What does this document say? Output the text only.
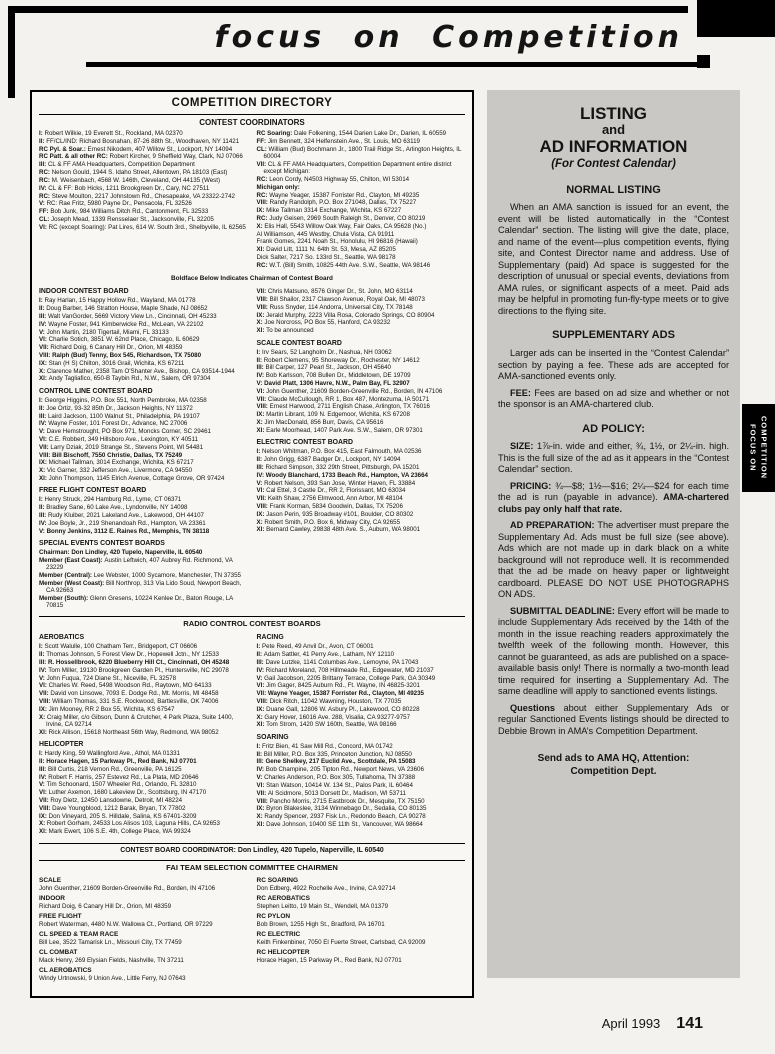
focus on Competition
COMPETITION DIRECTORY
CONTEST COORDINATORS
I: Robert Wilkie, 19 Everett St., Rockland, MA 02370
II: FF/CL/IND: Richard Bosnahan, 87-26 88th St., Woodhaven, NY 11421
RC Pyl. & Soar.: Ernest Nikodem, 407 Willow St., Lockport, NY 14094
RC Patt. & all other RC: Robert Kircher, 9 Sheffield Way, Clark, NJ 07066
III: CL & FF AMA Headquarters, Competition Department
RC: Nelson Gould, 1944 S. Idaho Street, Allentown, PA 18103 (East)
RC: M. Weisenbach, 4568 W. 146th, Cleveland, OH 44135 (West)
IV: CL & FF: Bob Hicks, 1211 Brookgreen Dr., Cary, NC 27511
RC: Steve Moulton, 2217 Johnstown Rd., Chesapeake, VA 23322-2742
V: RC: Rae Fritz, 5980 Payne Dr., Pensacola, FL 32526
FF: Bob Junk, 984 Williams Ditch Rd., Cantonment, FL 32533
CL: Joseph Mead, 1339 Rensselaer St., Jacksonville, FL 32205
VI: RC (except Soaring): Pat Lires, 614 W. South 3rd., Shelbyville, IL 62565
RC Soaring: Dale Folkening, 1544 Darien Lake Dr., Darien, IL 60559
FF: Jim Bennett, 324 Helfenstein Ave., St. Louis, MO 63119
CL: William (Bud) Bochmann Jr., 1800 Trail Ridge St., Arlington Heights, IL 60004
VII: CL & FF AMA Headquarters, Competition Department entire district except Michigan:
RC: Leon Cordy, N4503 Highway 55, Chilton, WI 53014
Michigan only:
RC: Wayne Yeager, 15387 Forrister Rd., Clayton, MI 49235
VIII: Randy Randolph, P.O. Box 271048, Dallas, TX 75227
IX: Mike Tallman 3314 Exchange, Wichita, KS 67227
RC: Judy Geisen, 2969 South Raleigh St., Denver, CO 80219
X: Elis Hall, 5543 Willow Oak Way, Fair Oaks, CA 95628 (No.)
Al Williamson, 445 Westby, Chula Vista, CA 91911
Frank Gomes, 2241 Noah St., Honolulu, HI 96816 (Hawaii)
XI: David Litt, 1111 N. 64th St. 53, Mesa, AZ 85205
Dick Salter, 7217 So. 133rd St., Seattle, WA 98178
RC: W.T. (Bill) Smith, 10825 44th Ave. S.W., Seattle, WA 98146
Boldface Below Indicates Chairman of Contest Board
INDOOR CONTEST BOARD
I: Ray Harlan, 15 Happy Hollow Rd., Wayland, MA 01778
II: Doug Barber, 146 Stratton House, Maple Shade, NJ 08652
III: Walt VanGorder, 5669 Victory View Ln., Cincinnati, OH 45233
IV: Wayne Foster, 941 Kimberwicke Rd., McLean, VA 22102
V: John Martin, 2180 Tigertail, Miami, FL 33133
VI: Charlie Sotich, 3851 W. 62nd Place, Chicago, IL 60629
VII: Richard Doig, 6 Canary Hill Dr., Orion, MI 48359
VIII: Ralph (Bud) Tenny, Box 545, Richardson, TX 75080
IX: Stan (H S) Chilton, 3016 Grail, Wichita, KS 67211
X: Clarence Mather, 2358 Tam O'Shanter Ave., Bishop, CA 93514-1944
XI: Andy Tagliafico, 650-B Taybin Rd., N.W., Salem, OR 97304
CONTROL LINE CONTEST BOARD
I: George Higgins, P.O. Box 551, North Pembroke, MA 02358
II: Joe Ortiz, 93-32 85th Dr., Jackson Heights, NY 11372
III: Laird Jackson, 1100 Walnut St., Philadelphia, PA 19107
IV: Wayne Foster, 101 Forest Dr., Advance, NC 27006
V: Dave Hemstrought, PO Box 971, Moncks Corner, SC 29461
VI: C.E. Robbert, 349 Hillsboro Ave., Lexington, KY 40511
VII: Larry Dziak, 2019 Strange St., Stevens Point, WI 54481
VIII: Bill Bischoff, 7550 Christie, Dallas, TX 75249
IX: Michael Tallman, 3014 Exchange, Wichita, KS 67217
X: Vic Garner, 332 Jefferson Ave., Livermore, CA 94550
XI: John Thompson, 1145 Elrich Avenue, Cottage Grove, OR 97424
FREE FLIGHT CONTEST BOARD
I: Henry Struck, 294 Hamburg Rd., Lyme, CT 06371
II: Bradley Sane, 60 Lake Ave., Lyndonville, NY 14098
III: Rudy Kluiber, 2021 Lakeland Ave., Lakewood, OH 44107
IV: Joe Boyle, Jr., 219 Shenandoah Rd., Hampton, VA 23361
V: Bonny Jenkins, 3112 E. Raines Rd., Memphis, TN 38118
SPECIAL EVENTS CONTEST BOARDS
Chairman: Don Lindley, 420 Tupelo, Naperville, IL 60540
Member (East Coast): Austin Leftwich, 407 Aubrey Rd. Richmond, VA 23229
Member (Central): Lee Webster, 1000 Sycamore, Manchester, TN 37355
Member (West Coast): Bill Northrop, 313 Via Lido Soud, Newport Beach, CA 92663
Member (South): Glenn Gresens, 10224 Kenlee Dr., Baton Rouge, LA 70815
VII: Chris Matsuno, 8576 Ginger Dr., St. John, MO 63114
VIII: Bill Shailor, 2317 Clawson Avenue, Royal Oak, MI 48073
VIII: Russ Snyder, 114 Andorra, Universal City, TX 78148
IX: Jerald Murphy, 2223 Villa Rosa, Colorado Springs, CO 80904
X: Joe Norcross, PO Box 55, Hanford, CA 93232
XI: To be announced
SCALE CONTEST BOARD
I: Irv Sears, 52 Langholm Dr., Nashua, NH 03062
II: Robert Clemens, 95 Shoreway Dr., Rochester, NY 14612
III: Bill Carper, 127 Pearl St., Jackson, OH 45640
IV: Bob Karlsson, 708 Bullen Dr., Middletown, DE 19709
V: David Platt, 1306 Havre, N.W., Palm Bay, FL 32907
VI: John Guenther, 21609 Borden-Greenville Rd., Borden, IN 47106
VII: Claude McCullough, RR 1, Box 487, Montezuma, IA 50171
VIII: Ernest Harwood, 2711 English Chase, Arlington, TX 76016
IX: Martin Librant, 109 N. Edgemoor, Wichita, KS 67208
X: Jim MacDonald, 856 Burr, Davis, CA 95616
XI: Earle Moorhead, 1407 Park Ave. S.W., Salem, OR 97301
ELECTRIC CONTEST BOARD
I: Nelson Whitman, P.O. Box 415, East Falmouth, MA 02536
II: John Grigg, 6387 Badger Dr., Lockport, NY 14094
III: Richard Simpson, 332 29th Street, Pittsburgh, PA 15201
IV: Woody Blanchard, 1733 Beach Rd., Hampton, VA 23664
V: Robert Nelson, 393 San Jose, Winter Haven, FL 33884
VI: Cal Ettel, 3 Castle Dr., RR 2, Florissant, MO 63034
VII: Keith Shaw, 2756 Elmwood, Ann Arbor, MI 48104
VIII: Frank Korman, 5834 Goodwin, Dallas, TX 75206
IX: Jason Perin, 935 Broadway #101, Boulder, CO 80302
X: Robert Smith, P.O. Box 6, Midway City, CA 92655
XI: Bernard Cawley, 29838 48th Ave. S., Auburn, WA 98001
RADIO CONTROL CONTEST BOARDS
AEROBATICS
I: Scott Walulle, 100 Chatham Terr., Bridgeport, CT 06606
II: Thomas Johnson, 5 Forest View Dr., Hopewell Jctn., NY 12533
III: R. Hossellbrook, 6220 Blueberry Hill Ct., Cincinnati, OH 45248
IV: Tom Miller, 19130 Brookgreen Garden Pl., Huntersville, NC 29078
V: John Fuqua, 724 Diane St., Niceville, FL 32578
VI: Charles W. Reed, 5498 Woodson Rd., Raytown, MO 64133
VII: David von Linsowe, 7093 E. Dodge Rd., Mt. Morris, MI 48458
VIII: William Thomas, 331 S.E. Rockwood, Bartlesville, OK 74006
IX: Jim Mooney, RR 2 Box 55, Wichita, KS 67547
X: Craig Miller, c/o Gibson, Dunn & Crutcher, 4 Park Plaza, Suite 1400, Irvine, CA 92714
XI: Rick Allison, 15618 Northeast 56th Way, Redmond, WA 98052
HELICOPTER
I: Hardy King, 59 Wallingford Ave., Athol, MA 01331
II: Horace Hagen, 15 Parkway Pl., Red Bank, NJ 07701
III: Bill Curtis, 218 Vernon Rd., Greenville, PA 16125
IV: Robert F. Harris, 257 Estevez Rd., La Plata, MD 20646
V: Tim Schoonard, 1507 Wheeler Rd., Orlando, FL 32810
VI: Luther Axemon, 1680 Lakeview Dr., Scottsburg, IN 47170
VII: Roy Dietz, 12450 Lansdowne, Detroit, MI 48224
VIII: Dave Youngblood, 1212 Barak, Bryan, TX 77802
IX: Don Vineyard, 205 S. Hilldale, Salina, KS 67401-3209
X: Robert Gorham, 24533 Los Alisos 103, Laguna Hills, CA 92653
XI: Mark Ewert, 106 S.E. 4th, College Place, WA 99324
RACING
I: Pete Reed, 49 Anvil Dr., Avon, CT 06001
II: Adam Sattler, 41 Perry Ave., Latham, NY 12110
III: Dave Lutzke, 1141 Columbas Ave., Lemoyne, PA 17043
IV: Richard Moreland, 708 Hillmeade Rd., Edgewater, MD 21037
V: Gail Jacobson, 2205 Brittany Terrace, College Park, GA 30349
VI: Jim Gager, 8425 Auburn Rd., Ft. Wayne, IN 46825-3201
VII: Wayne Yeager, 15387 Forrister Rd., Clayton, MI 49235
VIII: Dick Ritch, 11042 Wawning, Houston, TX 77035
IX: Duane Gall, 12806 W. Asbury Pl., Lakewood, CO 80228
X: Gary Hover, 16016 Ave. 288, Visalia, CA 93277-9757
XI: Tom Strom, 1420 SW 160th, Seattle, WA 98166
SOARING
I: Fritz Bien, 41 Saw Mill Rd., Concord, MA 01742
II: Bill Miller, P.O. Box 335, Princeton Junction, NJ 08550
III: Gene Shelkey, 217 Euclid Ave., Scottdale, PA 15083
IV: Bob Champine, 205 Tipton Rd., Newport News, VA 23606
V: Charles Anderson, P.O. Box 305, Tullahoma, TN 37388
VI: Stan Watson, 10414 W. 134 St., Palos Park, IL 60464
VII: Al Scidmore, 5013 Dorsett Dr., Madison, WI 53711
VIII: Pancho Morris, 2715 Eastbrook Dr., Mesquite, TX 75150
IX: Byron Blakeslee, 3134 Winnebago Dr., Sedalia, CO 80135
X: Randy Spencer, 2937 Fisk Ln., Redondo Beach, CA 90278
XI: Dave Johnson, 10400 SE 11th St., Vancouver, WA 98664
CONTEST BOARD COORDINATOR: Don Lindley, 420 Tupelo, Naperville, IL 60540
FAI TEAM SELECTION COMMITTEE CHAIRMEN
SCALE
John Guenther, 21609 Borden-Greenville Rd., Borden, IN 47106
INDOOR
Richard Doig, 6 Canary Hill Dr., Orion, MI 48359
FREE FLIGHT
Robert Waterman, 4480 N.W. Wallowa Ct., Portland, OR 97229
CL SPEED & TEAM RACE
Bill Lee, 3522 Tamarisk Ln., Missouri City, TX 77459
CL COMBAT
Mack Henry, 269 Elysian Fields, Nashville, TN 37211
CL AEROBATICS
Windy Urtnowski, 9 Union Ave., Little Ferry, NJ 07643
RC SOARING
Don Edberg, 4922 Rochelle Ave., Irvine, CA 92714
RC AEROBATICS
Stephen Leitto, 19 Main St., Wendell, MA 01379
RC PYLON
Bob Brown, 1255 High St., Bradford, PA 16701
RC ELECTRIC
Keith Finkenbiner, 7050 El Fuerte Street, Carlsbad, CA 92009
RC HELICOPTER
Horace Hagen, 15 Parkway Pl., Red Bank, NJ 07701
LISTING
and
AD INFORMATION
(For Contest Calendar)
NORMAL LISTING

When an AMA sanction is issued for an event, the event will be listed automatically in the “Contest Calendar” section. The listing will give the date, place, and name of the event—plus competition events, flying site, and Contest Director name and address. Use of Supplementary (paid) Ad space is suggested for the description of unusual or special events, deviations from AMA rules, or significant aspects of a meet. Paid ads may be helpful in promoting fun-fly-type meets or to give directions to the flying site.

SUPPLEMENTARY ADS

Larger ads can be inserted in the “Contest Calendar” section by paying a fee. These ads are accepted for AMA-sanctioned events only.

FEE: Fees are based on ad size and whether or not the sponsor is an AMA-chartered club.

AD POLICY:

SIZE: 1⅞-in. wide and either, ¾, 1½, or 2¼-in. high. This is the full size of the ad as it appears in the “Contest Calendar” section.

PRICING: ¾—$8; 1½—$16; 2¼—$24 for each time the ad is run (payable in advance). AMA-chartered clubs pay only half that rate.

AD PREPARATION: The advertiser must prepare the Supplementary Ad. Ads must be full size (see above). Ads which are not made up in dark black on a white background will not reproduce well. It is recommended that the ad be made on heavy paper or lightweight cardboard. PLEASE DO NOT USE PHOTOGRAPHS ON ADS.

SUBMITTAL DEADLINE: Every effort will be made to include Supplementary Ads received by the 14th of the month in the issue reaching readers approximately the twelfth week of the following month. However, this cannot be guaranteed, as ads are published on a space-available basis only! There is normally a two-month lead time required for inserting a Supplementary Ad. The same deadline will apply to sanctioned events listings.

Questions about either Supplementary Ads or regular Sanctioned Events listings should be directed to Debbie Brown in AMA’s Competition Department.

Send ads to AMA HQ, Attention: Competition Dept.
FOCUS ON COMPETITION
April 1993 141
